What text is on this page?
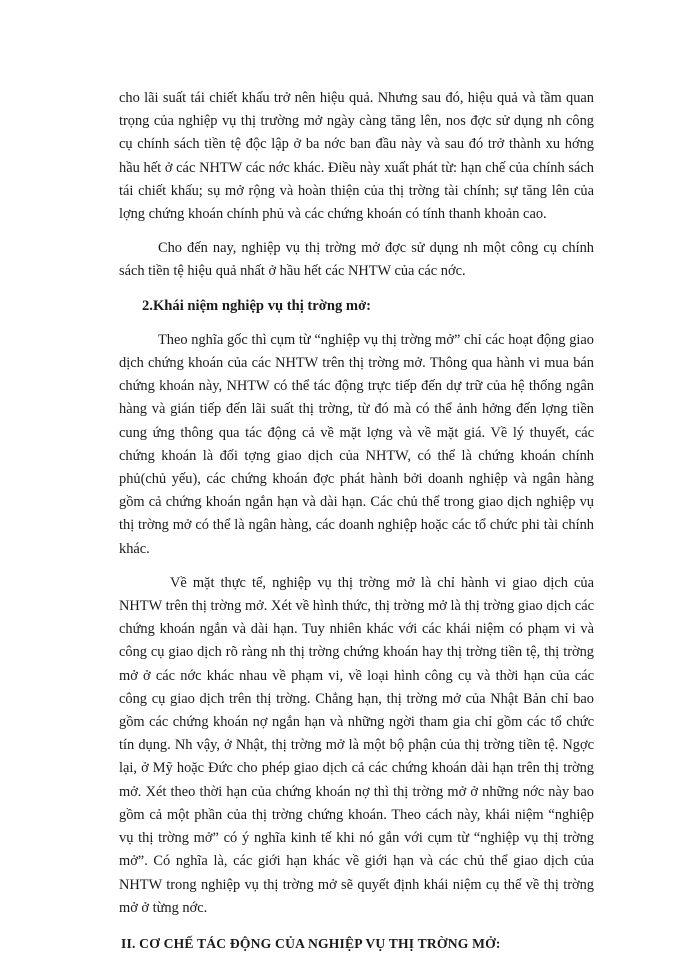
cho lãi suất tái chiết khấu trở nên hiệu quả. Nhưng sau đó, hiệu quả và tầm quan trọng của nghiệp vụ thị trường mở ngày càng tăng lên, nos đợc sử dụng nh công cụ chính sách tiền tệ độc lập ở ba nớc ban đầu này và sau đó trở thành xu hớng hầu hết ở các NHTW các nớc khác. Điều này xuất phát từ: hạn chế của chính sách tái chiết khấu; sụ mở rộng và hoàn thiện của thị trờng tài chính; sự tăng lên của lợng chứng khoán chính phủ và các chứng khoán có tính thanh khoản cao.

Cho đến nay, nghiệp vụ thị trờng mở đợc sử dụng nh một công cụ chính sách tiền tệ hiệu quả nhất ở hầu hết các NHTW của các nớc.

2.Khái niệm nghiệp vụ thị trờng mở:

Theo nghĩa gốc thì cụm từ “nghiệp vụ thị trờng mở” chỉ các hoạt động giao dịch chứng khoán của các NHTW trên thị trờng mở. Thông qua hành vi mua bán chứng khoán này, NHTW có thể tác động trực tiếp đến dự trữ của hệ thống ngân hàng và gián tiếp đến lãi suất thị trờng, từ đó mà có thể ảnh hởng đến lợng tiền cung ứng thông qua tác động cả về mặt lợng và về mặt giá. Về lý thuyết, các chứng khoán là đối tợng giao dịch của NHTW, có thể là chứng khoán chính phủ(chủ yếu), các chứng khoán đợc phát hành bởi doanh nghiệp và ngân hàng gồm cả chứng khoán ngắn hạn và dài hạn. Các chủ thể trong giao dịch nghiệp vụ thị trờng mở có thể là ngân hàng, các doanh nghiệp hoặc các tổ chức phi tài chính khác.

Về mặt thực tế, nghiệp vụ thị trờng mở là chỉ hành vi giao dịch của NHTW trên thị trờng mở. Xét về hình thức, thị trờng mở là thị trờng giao dịch các chứng khoán ngắn và dài hạn. Tuy nhiên khác với các khái niệm có phạm vi và công cụ giao dịch rõ ràng nh thị trờng chứng khoán hay thị trờng tiền tệ, thị trờng mở ở các nớc khác nhau về phạm vi, về loại hình công cụ và thời hạn của các công cụ giao dịch trên thị trờng. Chẳng hạn, thị trờng mở của Nhật Bản chỉ bao gồm các chứng khoán nợ ngắn hạn và những ngời tham gia chỉ gồm các tổ chức tín dụng. Nh vậy, ở Nhật, thị trờng mở là một bộ phận của thị trờng tiền tệ. Ngợc lại, ở Mỹ hoặc Đức cho phép giao dịch cả các chứng khoán dài hạn trên thị trờng mở. Xét theo thời hạn của chứng khoán nợ thì thị trờng mở ở những nớc này bao gồm cả một phần của thị trờng chứng khoán. Theo cách này, khái niệm “nghiệp vụ thị trờng mở” có ý nghĩa kinh tế khi nó gắn với cụm từ “nghiệp vụ thị trờng mở”. Có nghĩa là, các giới hạn khác về giới hạn và các chủ thể giao dịch của NHTW trong nghiệp vụ thị trờng mở sẽ quyết định khái niệm cụ thể về thị trờng mở ở từng nớc.

II. CƠ CHẾ TÁC ĐỘNG CỦA NGHIỆP VỤ THỊ TRỜNG MỞ:
